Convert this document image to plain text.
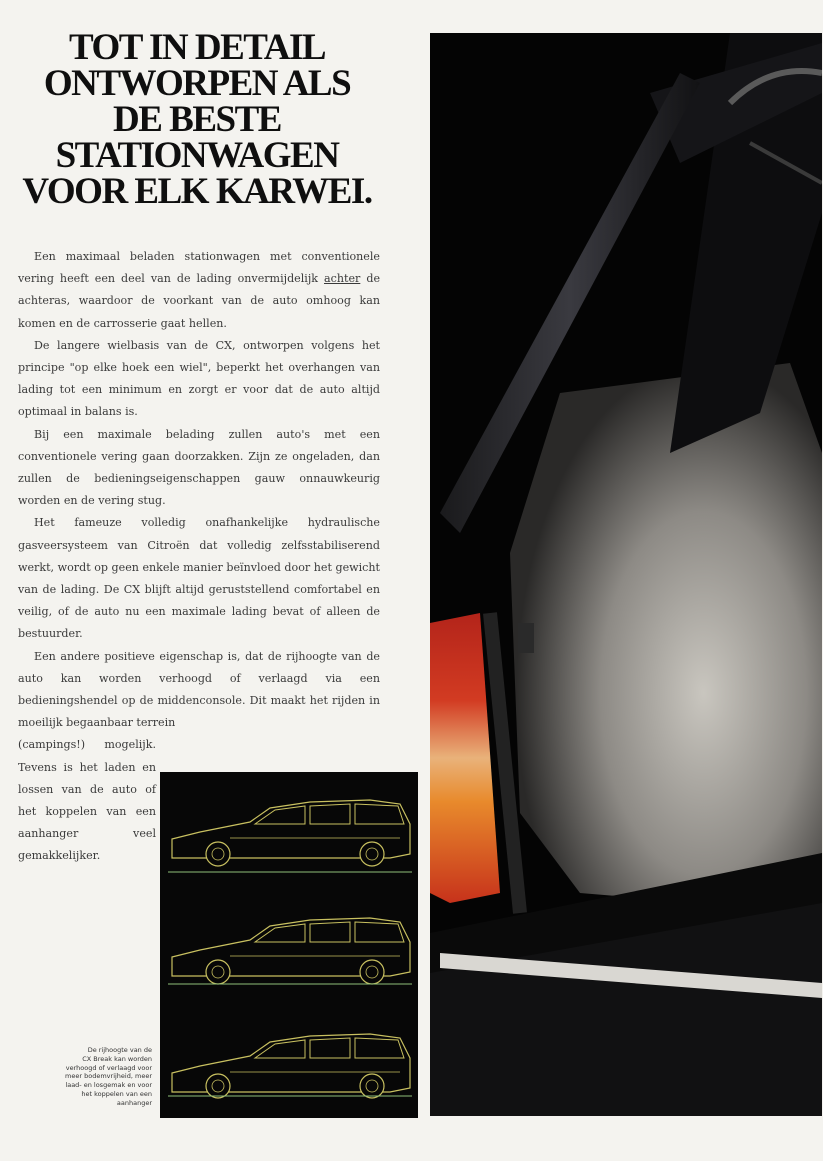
TOT IN DETAIL
ONTWORPEN ALS
DE BESTE
STATIONWAGEN
VOOR ELK KARWEI.

Een maximaal beladen stationwagen met conventionele vering heeft een deel van de lading onvermijdelijk achter de achteras, waardoor de voorkant van de auto omhoog kan komen en de carrosserie gaat hellen.

De langere wielbasis van de CX, ontworpen volgens het principe "op elke hoek een wiel", beperkt het overhangen van lading tot een minimum en zorgt er voor dat de auto altijd optimaal in balans is.

Bij een maximale belading zullen auto's met een conventionele vering gaan doorzakken. Zijn ze ongeladen, dan zullen de bedieningseigenschappen gauw onnauwkeurig worden en de vering stug.

Het fameuze volledig onafhankelijke hydraulische gasveersysteem van Citroën dat volledig zelfsstabiliserend werkt, wordt op geen enkele manier beïnvloed door het gewicht van de lading. De CX blijft altijd geruststellend comfortabel en veilig, of de auto nu een maximale lading bevat of alleen de bestuurder.

Een andere positieve eigenschap is, dat de rijhoogte van de auto kan worden verhoogd of verlaagd via een bedieningshendel op de middenconsole. Dit maakt het rijden in moeilijk begaanbaar terrein

(campings!) mogelijk. Tevens is het laden en lossen van de auto of het koppelen van een aanhanger veel gemakkelijker.

De rijhoogte van de
CX Break kan worden
verhoogd of verlaagd voor
meer bodemvrijheid, meer
laad- en losgemak en voor
het koppelen van een
aanhanger
